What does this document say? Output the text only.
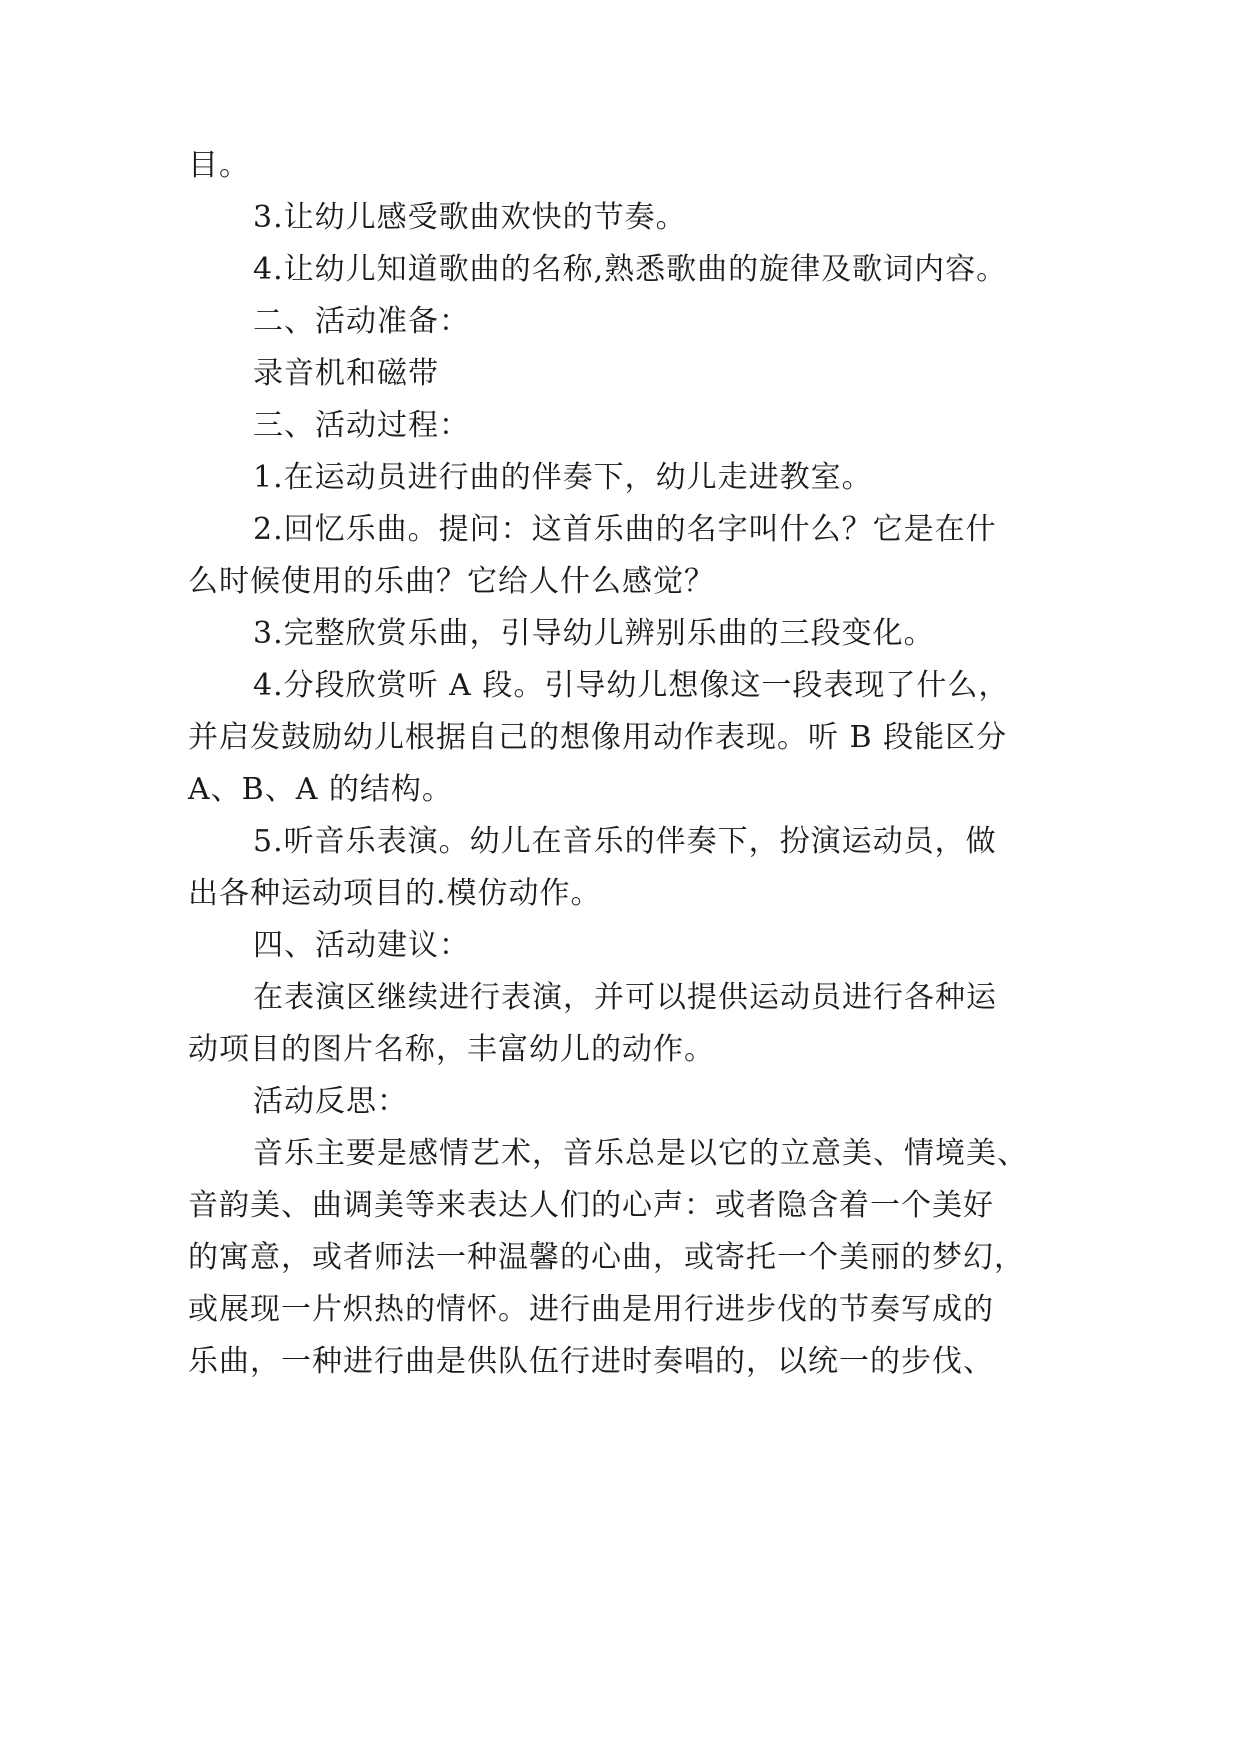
目。
3.让幼儿感受歌曲欢快的节奏。
4.让幼儿知道歌曲的名称,熟悉歌曲的旋律及歌词内容。
二、活动准备：
录音机和磁带
三、活动过程：
1.在运动员进行曲的伴奏下，幼儿走进教室。
2.回忆乐曲。提问：这首乐曲的名字叫什么？它是在什
么时候使用的乐曲？它给人什么感觉？
3.完整欣赏乐曲，引导幼儿辨别乐曲的三段变化。
4.分段欣赏听 A 段。引导幼儿想像这一段表现了什么，
并启发鼓励幼儿根据自己的想像用动作表现。听 B 段能区分
A、B、A 的结构。
5.听音乐表演。幼儿在音乐的伴奏下，扮演运动员，做
出各种运动项目的.模仿动作。
四、活动建议：
在表演区继续进行表演，并可以提供运动员进行各种运
动项目的图片名称，丰富幼儿的动作。
活动反思：
音乐主要是感情艺术，音乐总是以它的立意美、情境美、
音韵美、曲调美等来表达人们的心声：或者隐含着一个美好
的寓意，或者师法一种温馨的心曲，或寄托一个美丽的梦幻，
或展现一片炽热的情怀。进行曲是用行进步伐的节奏写成的
乐曲，一种进行曲是供队伍行进时奏唱的，以统一的步伐、
